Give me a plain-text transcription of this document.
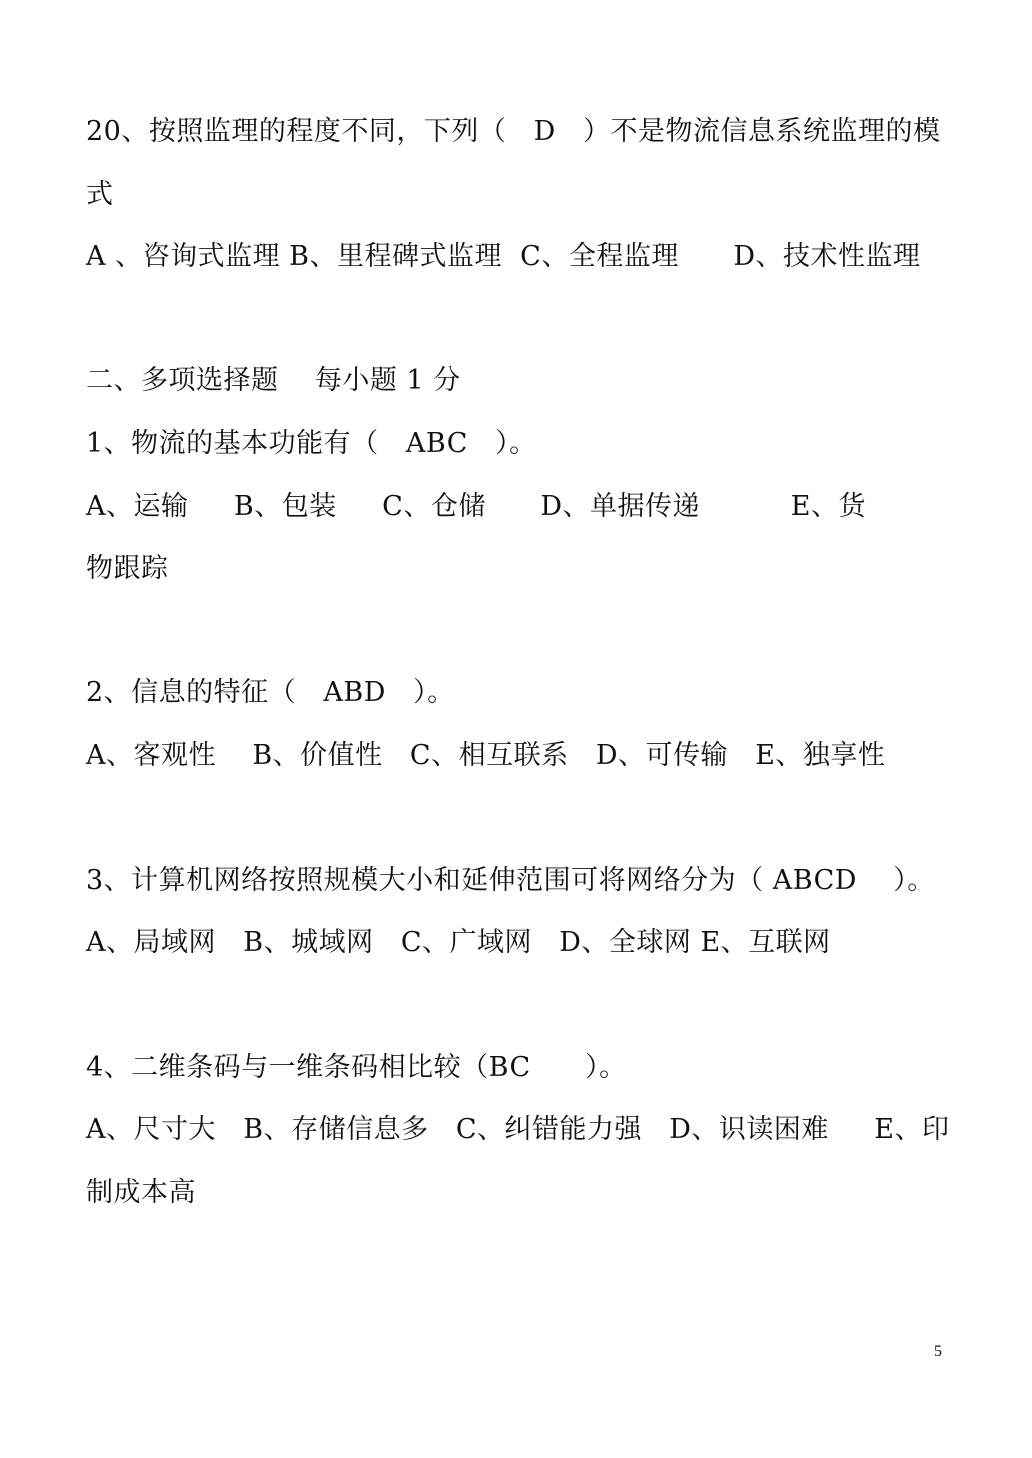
20、按照监理的程度不同，下列（   D   ）不是物流信息系统监理的模
式
A 、咨询式监理 B、里程碑式监理  C、全程监理      D、技术性监理
二、多项选择题    每小题 1 分
1、物流的基本功能有（   ABC   ）。
A、运输     B、包装     C、仓储      D、单据传递          E、货
物跟踪
2、信息的特征（   ABD   ）。
A、客观性    B、价值性   C、相互联系   D、可传输   E、独享性
3、计算机网络按照规模大小和延伸范围可将网络分为（ ABCD    ）。
A、局域网   B、城域网   C、广域网   D、全球网 E、互联网
4、二维条码与一维条码相比较（BC      ）。
A、尺寸大   B、存储信息多   C、纠错能力强   D、识读困难     E、印
制成本高
5
